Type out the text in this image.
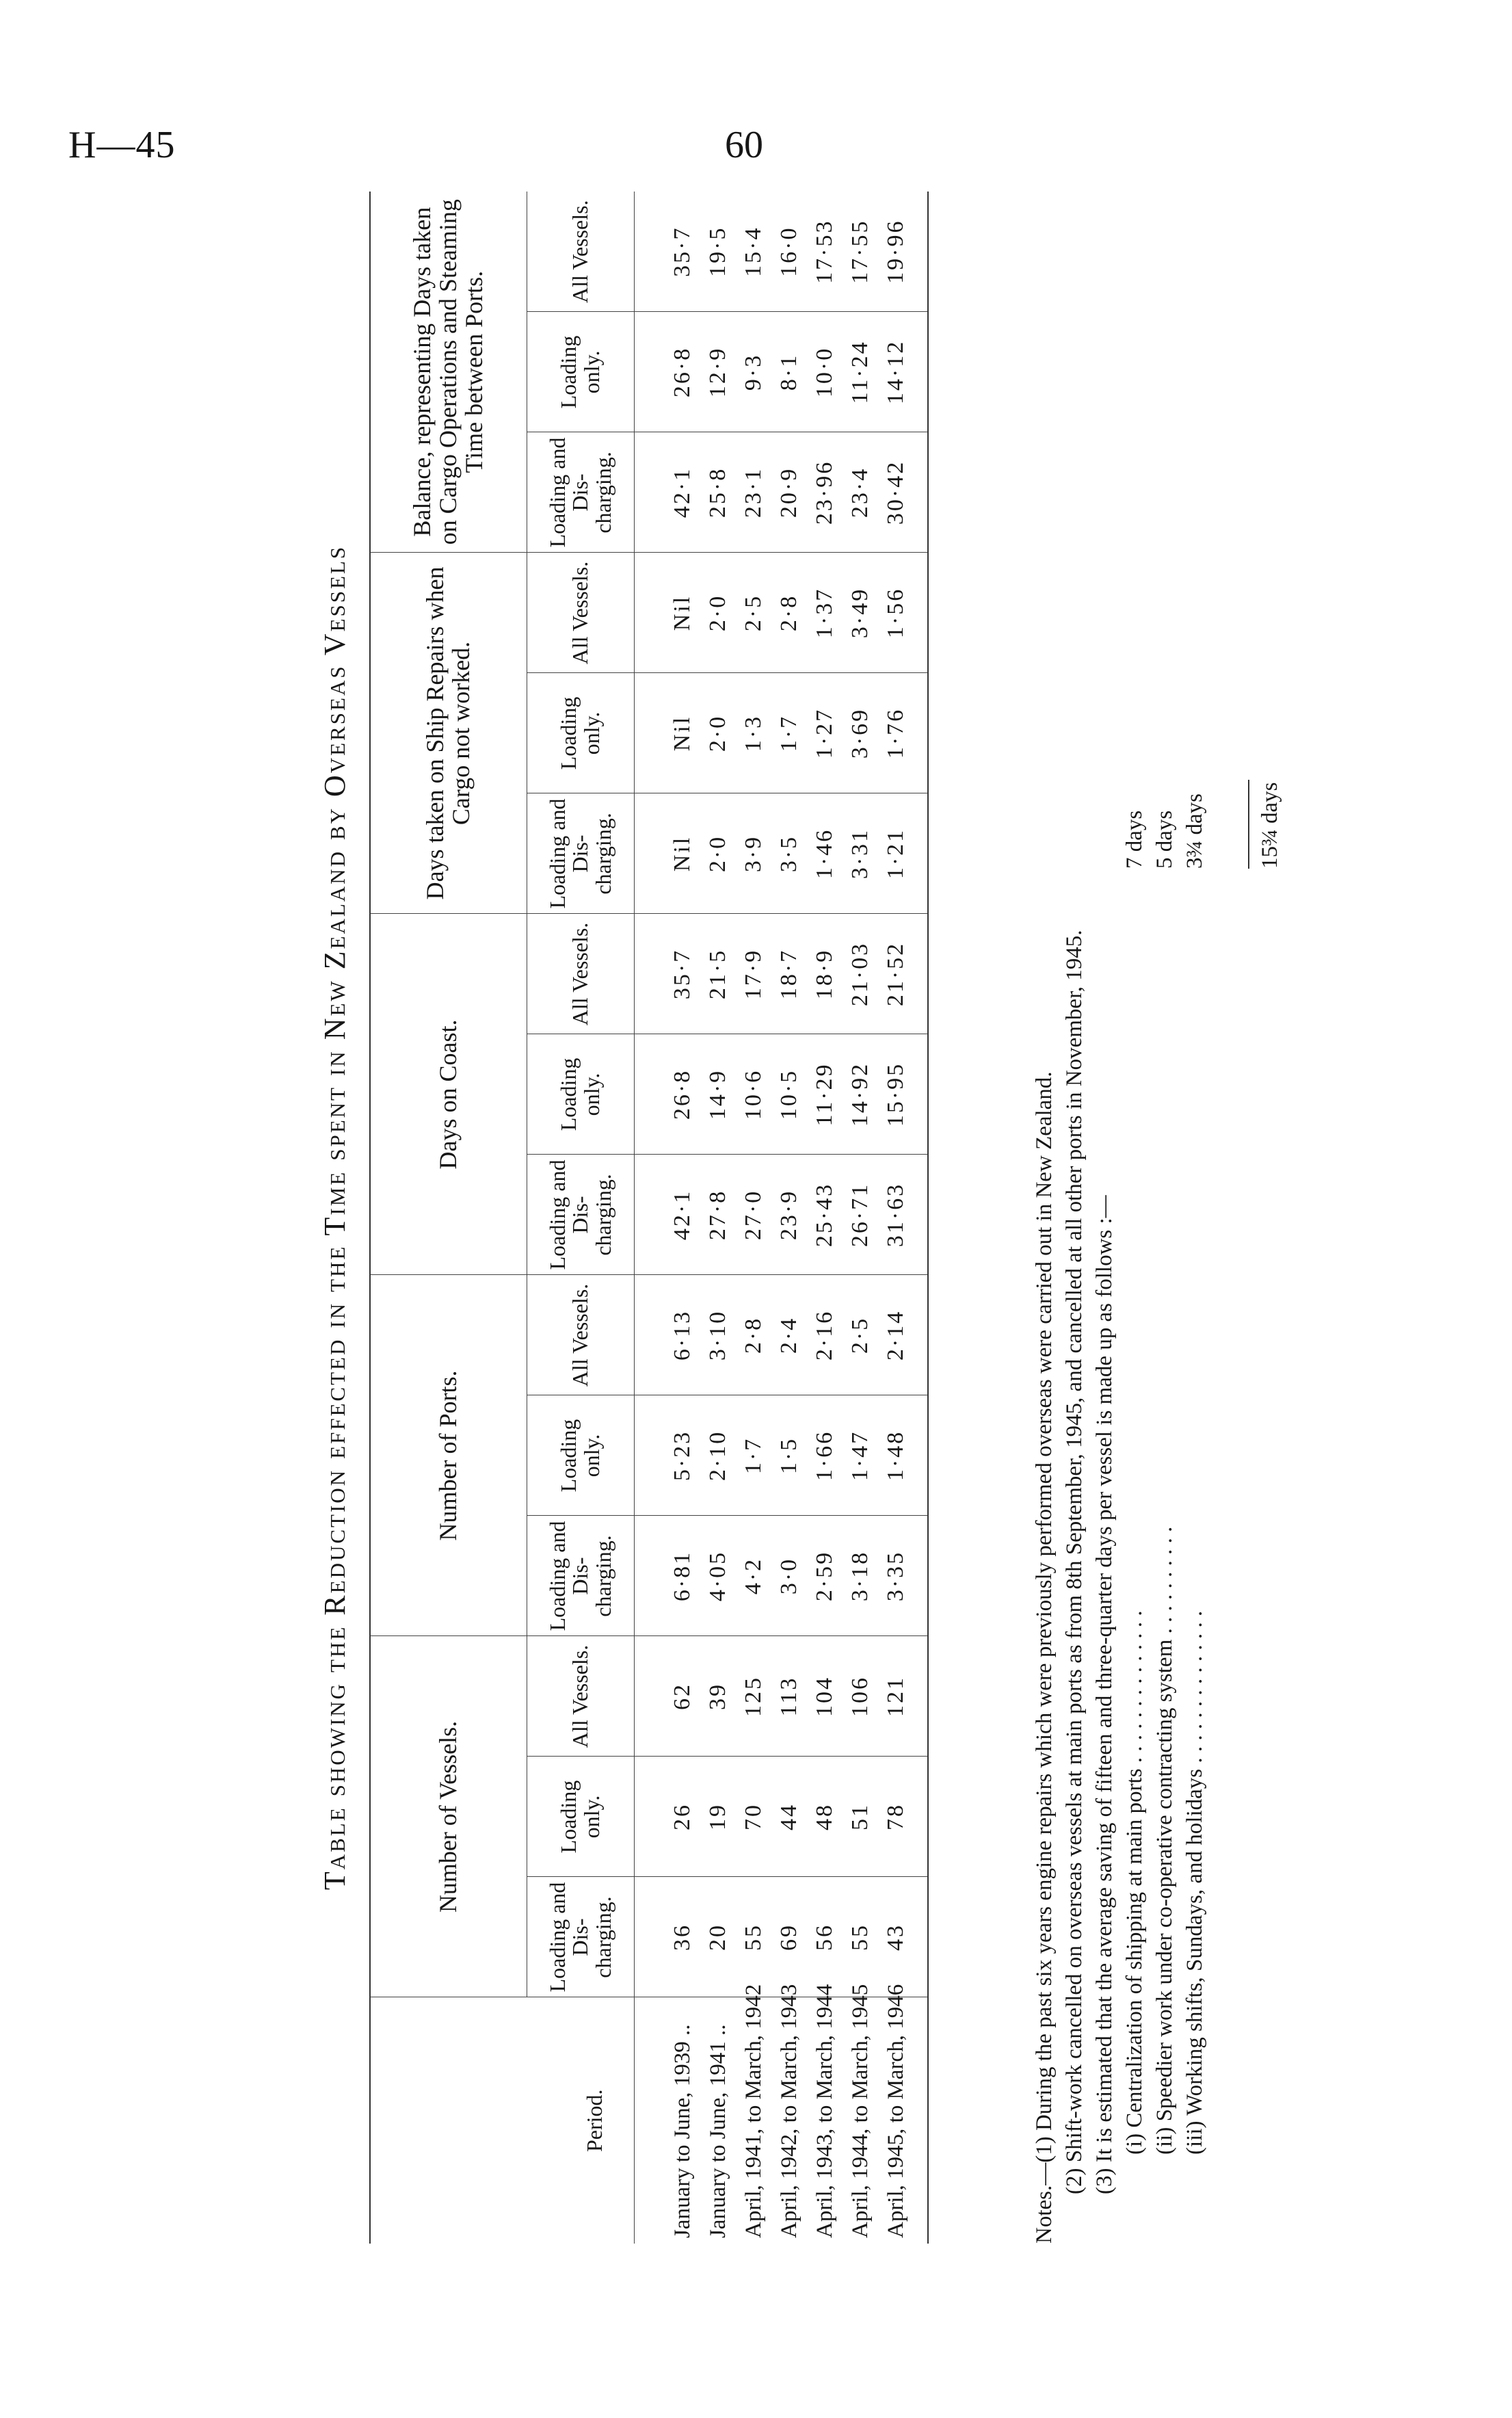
H—45	60
Table showing the Reduction effected in the Time spent in New Zealand by Overseas Vessels
Period.	Number of Vessels.			Number of Ports.			Days on Coast.			Days taken on Ship Repairs when Cargo not worked.			Balance, representing Days taken on Cargo Operations and Steaming Time between Ports.		
	Loading and Dis-charging.	Loading only.	All Vessels.	Loading and Dis-charging.	Loading only.	All Vessels.	Loading and Dis-charging.	Loading only.	All Vessels.	Loading and Dis-charging.	Loading only.	All Vessels.	Loading and Dis-charging.	Loading only.	All Vessels.
January to June, 1939 ..	36	26	62	6·81	5·23	6·13	42·1	26·8	35·7	Nil	Nil	Nil	42·1	26·8	35·7
January to June, 1941 ..	20	19	39	4·05	2·10	3·10	27·8	14·9	21·5	2·0	2·0	2·0	25·8	12·9	19·5
April, 1941, to March, 1942	55	70	125	4·2	1·7	2·8	27·0	10·6	17·9	3·9	1·3	2·5	23·1	9·3	15·4
April, 1942, to March, 1943	69	44	113	3·0	1·5	2·4	23·9	10·5	18·7	3·5	1·7	2·8	20·9	8·1	16·0
April, 1943, to March, 1944	56	48	104	2·59	1·66	2·16	25·43	11·29	18·9	1·46	1·27	1·37	23·96	10·0	17·53
April, 1944, to March, 1945	55	51	106	3·18	1·47	2·5	26·71	14·92	21·03	3·31	3·69	3·49	23·4	11·24	17·55
April, 1945, to March, 1946	43	78	121	3·35	1·48	2·14	31·63	15·95	21·52	1·21	1·76	1·56	30·42	14·12	19·96
Notes.—(1) During the past six years engine repairs which were previously performed overseas were carried out in New Zealand. (2) Shift-work cancelled on overseas vessels at main ports as from 8th September, 1945, and cancelled at all other ports in November, 1945. (3) It is estimated that the average saving of fifteen and three-quarter days per vessel is made up as follows :— (i) Centralization of shipping at main ports . . . . . . . . . . . . . .
7 days
(ii) Speedier work under co-operative contracting system . . . . . . . . . .
5 days
(iii) Working shifts, Sundays, and holidays . . . . . . . . . . . . . .
3¾ days 15¾ days
